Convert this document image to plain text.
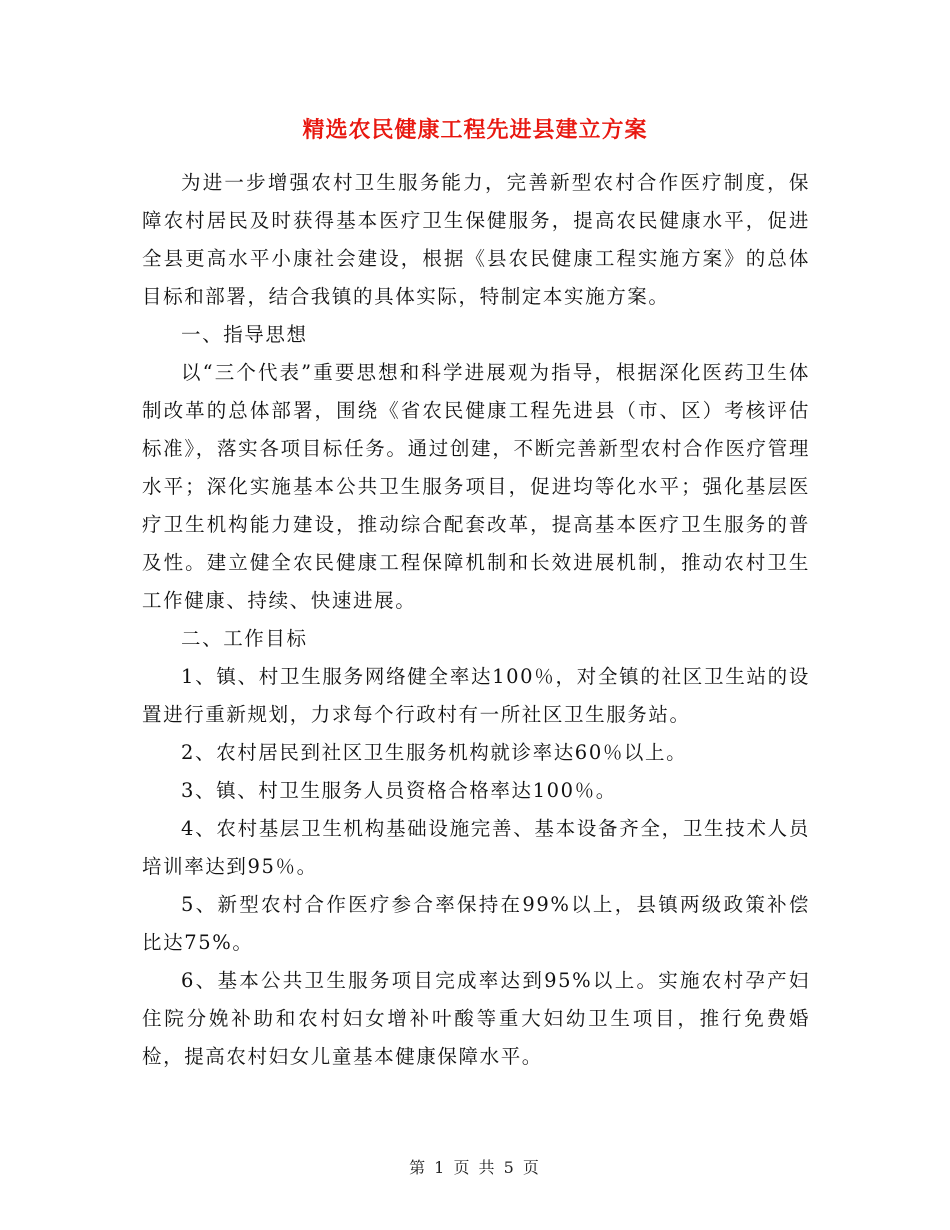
精选农民健康工程先进县建立方案

为进一步增强农村卫生服务能力，完善新型农村合作医疗制度，保障农村居民及时获得基本医疗卫生保健服务，提高农民健康水平，促进全县更高水平小康社会建设，根据《县农民健康工程实施方案》的总体目标和部署，结合我镇的具体实际，特制定本实施方案。

一、指导思想

以“三个代表”重要思想和科学进展观为指导，根据深化医药卫生体制改革的总体部署，围绕《省农民健康工程先进县（市、区）考核评估标准》，落实各项目标任务。通过创建，不断完善新型农村合作医疗管理水平；深化实施基本公共卫生服务项目，促进均等化水平；强化基层医疗卫生机构能力建设，推动综合配套改革，提高基本医疗卫生服务的普及性。建立健全农民健康工程保障机制和长效进展机制，推动农村卫生工作健康、持续、快速进展。

二、工作目标

1、镇、村卫生服务网络健全率达100％，对全镇的社区卫生站的设置进行重新规划，力求每个行政村有一所社区卫生服务站。

2、农村居民到社区卫生服务机构就诊率达60％以上。

3、镇、村卫生服务人员资格合格率达100％。

4、农村基层卫生机构基础设施完善、基本设备齐全，卫生技术人员培训率达到95％。

5、新型农村合作医疗参合率保持在99%以上，县镇两级政策补偿比达75%。

6、基本公共卫生服务项目完成率达到95%以上。实施农村孕产妇住院分娩补助和农村妇女增补叶酸等重大妇幼卫生项目，推行免费婚检，提高农村妇女儿童基本健康保障水平。

第 1 页 共 5 页
